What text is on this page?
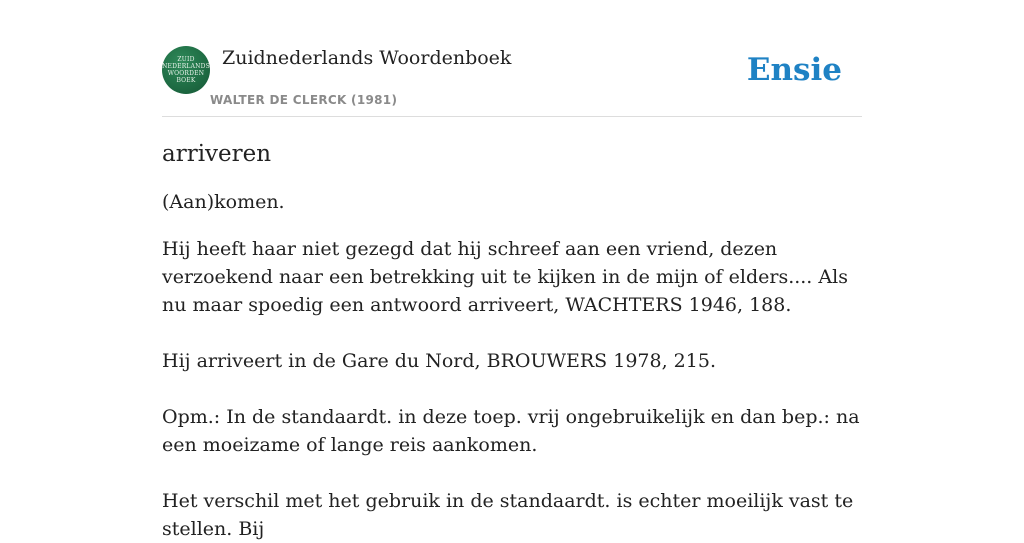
ZUID
NEDERLANDS
WOORDEN
BOEK
Zuidnederlands Woordenboek
WALTER DE CLERCK (1981)
Ensie
arriveren

(Aan)komen.

Hij heeft haar niet gezegd dat hij schreef aan een vriend, dezen verzoekend naar een betrekking uit te kijken in de mijn of elders.... Als nu maar spoedig een antwoord arriveert, WACHTERS 1946, 188.

Hij arriveert in de Gare du Nord, BROUWERS 1978, 215.

Opm.: In de standaardt. in deze toep. vrij ongebruikelijk en dan bep.: na een moeizame of lange reis aankomen.

Het verschil met het gebruik in de standaardt. is echter moeilijk vast te stellen. Bij
